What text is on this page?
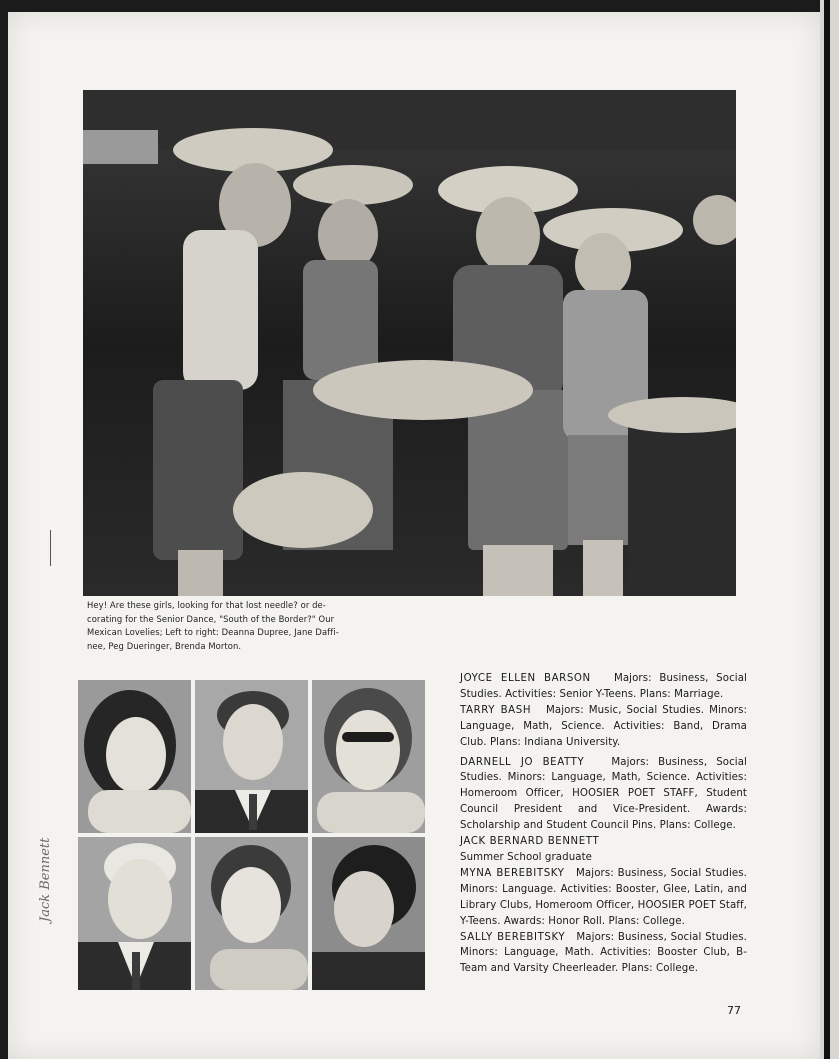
Hey! Are these girls, looking for that lost needle? or de-
corating for the Senior Dance, "South of the Border?" Our
Mexican Lovelies; Left to right: Deanna Dupree, Jane Daffi-
nee, Peg Dueringer, Brenda Morton.
Jack Bennett

JOYCE ELLEN BARSON Majors: Business, Social Studies. Activities: Senior Y-Teens. Plans: Marriage.

TARRY BASH Majors: Music, Social Studies. Minors: Language, Math, Science. Activities: Band, Drama Club. Plans: Indiana University.

DARNELL JO BEATTY	Majors: Business, Social Studies. Minors: Language, Math, Science. Activities: Homeroom Officer, HOOSIER POET STAFF, Student Council President and Vice-President. Awards: Scholarship and Student Council Pins. Plans: College.

JACK BERNARD BENNETT
Summer School graduate

MYNA BEREBITSKY Majors: Business, Social Studies. Minors: Language. Activities: Booster, Glee, Latin, and Library Clubs, Homeroom Officer, HOOSIER POET Staff, Y-Teens. Awards: Honor Roll. Plans: College.

SALLY BEREBITSKY Majors: Business, Social Studies. Minors: Language, Math. Activities: Booster Club, B-Team and Varsity Cheerleader. Plans: College.

77
